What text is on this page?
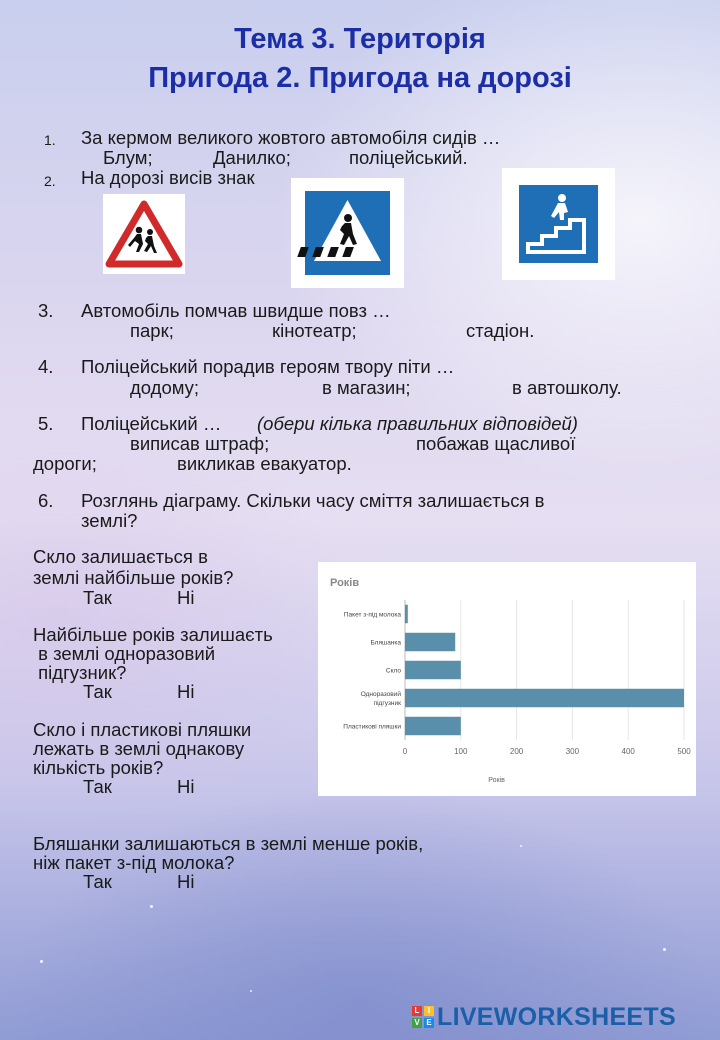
Тема 3. Територія
Пригода 2. Пригода на дорозі
1. За кермом великого жовтого автомобіля сидів …
Блум;	Данилко;	поліцейський.
2. На дорозі висів знак
3. Автомобіль помчав швидше повз …
парк;	кінотеатр;	стадіон.
4. Поліцейський порадив героям твору піти …
додому;	в магазин;	в автошколу.
5. Поліцейський … (обери кілька правильних відповідей)
виписав штраф;	побажав щасливої
дороги;	викликав евакуатор.
6. Розглянь діаграму. Скільки часу сміття залишається в
землі?
Скло залишається в
землі найбільше років?
Так	Ні
Найбільше років залишаєть
в землі одноразовий
підгузник?
Так	Ні
Скло і пластикові пляшки
лежать в землі однакову
кількість років?
Так	Ні
Бляшанки залишаються в землі менше років,
ніж пакет з-під молока?
Так	Ні
Років
0	100	200	300	400	500
Пакет з-під молока
Бляшанка
Скло
Одноразовий підгузник
Пластикові пляшки
Років
L	I
V E LIVEWORKSHEETS
